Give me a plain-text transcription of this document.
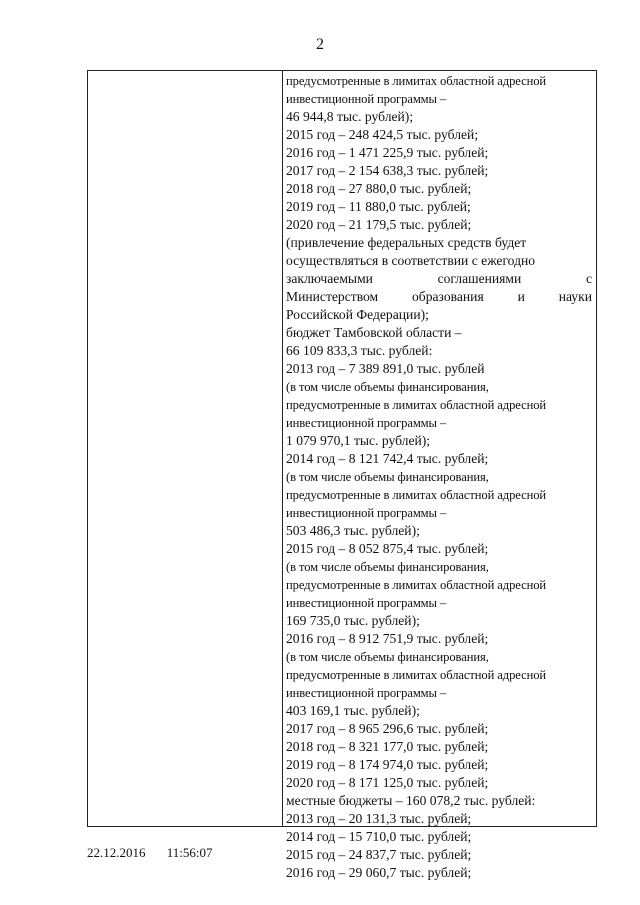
2
предусмотренные в лимитах областной адресной
инвестиционной программы –
46 944,8 тыс. рублей);
2015 год – 248 424,5 тыс. рублей;
2016 год – 1 471 225,9 тыс. рублей;
2017 год – 2 154 638,3 тыс. рублей;
2018 год – 27 880,0 тыс. рублей;
2019 год – 11 880,0 тыс. рублей;
2020 год – 21 179,5 тыс. рублей;
(привлечение федеральных средств будет
осуществляться в соответствии с ежегодно
заключаемыми	соглашениями	с
Министерством образования и науки
Российской Федерации);
бюджет Тамбовской области –
66 109 833,3 тыс. рублей:
2013 год – 7 389 891,0 тыс. рублей
(в том числе объемы финансирования,
предусмотренные в лимитах областной адресной
инвестиционной программы –
1 079 970,1 тыс. рублей);
2014 год – 8 121 742,4 тыс. рублей;
(в том числе объемы финансирования,
предусмотренные в лимитах областной адресной
инвестиционной программы –
503 486,3 тыс. рублей);
2015 год – 8 052 875,4 тыс. рублей;
(в том числе объемы финансирования,
предусмотренные в лимитах областной адресной
инвестиционной программы –
169 735,0 тыс. рублей);
2016 год – 8 912 751,9 тыс. рублей;
(в том числе объемы финансирования,
предусмотренные в лимитах областной адресной
инвестиционной программы –
403 169,1 тыс. рублей);
2017 год – 8 965 296,6 тыс. рублей;
2018 год – 8 321 177,0 тыс. рублей;
2019 год – 8 174 974,0 тыс. рублей;
2020 год – 8 171 125,0 тыс. рублей;
местные бюджеты – 160 078,2 тыс. рублей:
2013 год – 20 131,3 тыс. рублей;
2014 год – 15 710,0 тыс. рублей;
2015 год – 24 837,7 тыс. рублей;
2016 год – 29 060,7 тыс. рублей;
22.12.2016 11:56:07
